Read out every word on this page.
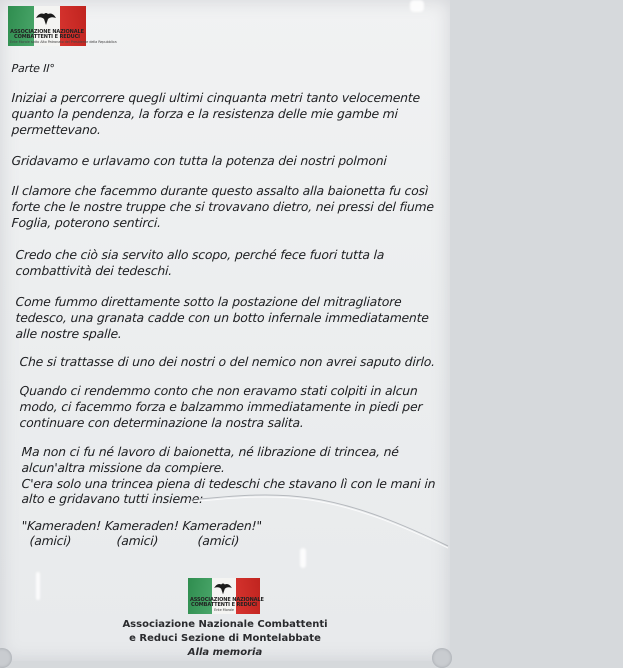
ASSOCIAZIONE NAZIONALE
COMBATTENTI E REDUCI
Ente Morale sotto Alto Patronato del Presidente della Repubblica
Parte II°
Iniziai a percorrere quegli ultimi cinquanta metri tanto velocemente
quanto la pendenza, la forza e la resistenza delle mie gambe mi
permettevano.
Gridavamo e urlavamo con tutta la potenza dei nostri polmoni
Il clamore che facemmo durante questo assalto alla baionetta fu così
forte che le nostre truppe che si trovavano dietro, nei pressi del fiume
Foglia, poterono sentirci.
Credo che ciò sia servito allo scopo, perché fece fuori tutta la
combattività dei tedeschi.
Come fummo direttamente sotto la postazione del mitragliatore
tedesco, una granata cadde con un botto infernale immediatamente
alle nostre spalle.
Che si trattasse di uno dei nostri o del nemico non avrei saputo dirlo.
Quando ci rendemmo conto che non eravamo stati colpiti in alcun
modo, ci facemmo forza e balzammo immediatamente in piedi per
continuare con determinazione la nostra salita.
Ma non ci fu né lavoro di baionetta, né librazione di trincea, né
alcun'altra missione da compiere.
C'era solo una trincea piena di tedeschi che stavano lì con le mani in
alto e gridavano tutti insieme:
"Kameraden! Kameraden! Kameraden!"
(amici)	(amici)	(amici)
ASSOCIAZIONE NAZIONALE
COMBATTENTI E REDUCI
Ente Morale
Associazione Nazionale Combattenti
e Reduci Sezione di Montelabbate
Alla memoria
